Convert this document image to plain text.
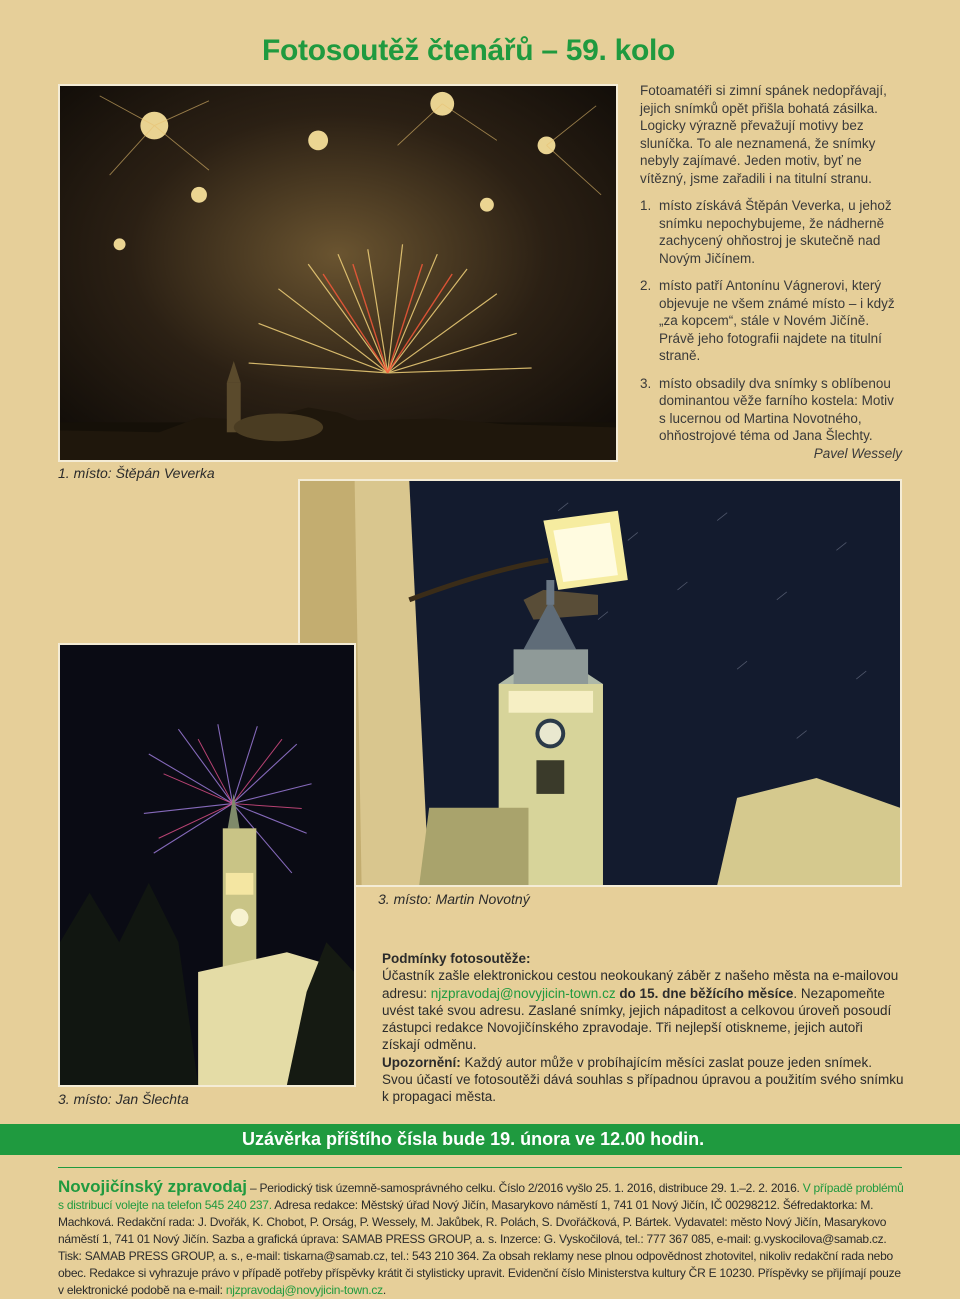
Fotosoutěž čtenářů – 59. kolo
1. místo: Štěpán Veverka
Fotoamatéři si zimní spánek nedopřávají, jejich snímků opět přišla bohatá zásilka. Logicky výrazně převažují motivy bez sluníčka. To ale neznamená, že snímky nebyly zajímavé. Jeden motiv, byť ne vítězný, jsme zařadili i na titulní stranu.
1. místo získává Štěpán Veverka, u jehož snímku nepochybujeme, že nádherně zachycený ohňostroj je skutečně nad Novým Jičínem.
2. místo patří Antonínu Vágnerovi, který objevuje ne všem známé místo – i když „za kopcem“, stále v Novém Jičíně. Právě jeho fotografii najdete na titulní straně.
3. místo obsadily dva snímky s oblíbenou dominantou věže farního kostela: Motiv s lucernou od Martina Novotného, ohňostrojové téma od Jana Šlechty.
Pavel Wessely
3. místo: Martin Novotný
3. místo: Jan Šlechta
Podmínky fotosoutěže:
Účastník zašle elektronickou cestou neokoukaný záběr z našeho města na e-mailovou adresu: njzpravodaj@novyjicin-town.cz do 15. dne běžícího měsíce. Nezapomeňte uvést také svou adresu. Zaslané snímky, jejich nápaditost a celkovou úroveň posoudí zástupci redakce Novojičínského zpravodaje. Tři nejlepší otiskneme, jejich autoři získají odměnu.
Upozornění: Každý autor může v probíhajícím měsíci zaslat pouze jeden snímek. Svou účastí ve fotosoutěži dává souhlas s případnou úpravou a použitím svého snímku k propagaci města.
Uzávěrka příštího čísla bude 19. února ve 12.00 hodin.
Novojičínský zpravodaj – Periodický tisk územně-samosprávného celku. Číslo 2/2016 vyšlo 25. 1. 2016, distribuce 29. 1.–2. 2. 2016. V případě problémů s distribucí volejte na telefon 545 240 237. Adresa redakce: Městský úřad Nový Jičín, Masarykovo náměstí 1, 741 01 Nový Jičín, IČ 00298212. Šéfredaktorka: M. Machková. Redakční rada: J. Dvořák, K. Chobot, P. Orság, P. Wessely, M. Jakůbek, R. Polách, S. Dvořáčková, P. Bártek. Vydavatel: město Nový Jičín, Masarykovo náměstí 1, 741 01 Nový Jičín. Sazba a grafická úprava: SAMAB PRESS GROUP, a. s. Inzerce: G. Vyskočilová, tel.: 777 367 085, e-mail: g.vyskocilova@samab.cz. Tisk: SAMAB PRESS GROUP, a. s., e-mail: tiskarna@samab.cz, tel.: 543 210 364. Za obsah reklamy nese plnou odpovědnost zhotovitel, nikoliv redakční rada nebo obec. Redakce si vyhrazuje právo v případě potřeby příspěvky krátit či stylisticky upravit. Evidenční číslo Ministerstva kultury ČR E 10230. Příspěvky se přijímají pouze v elektronické podobě na e-mail: njzpravodaj@novyjicin-town.cz.
